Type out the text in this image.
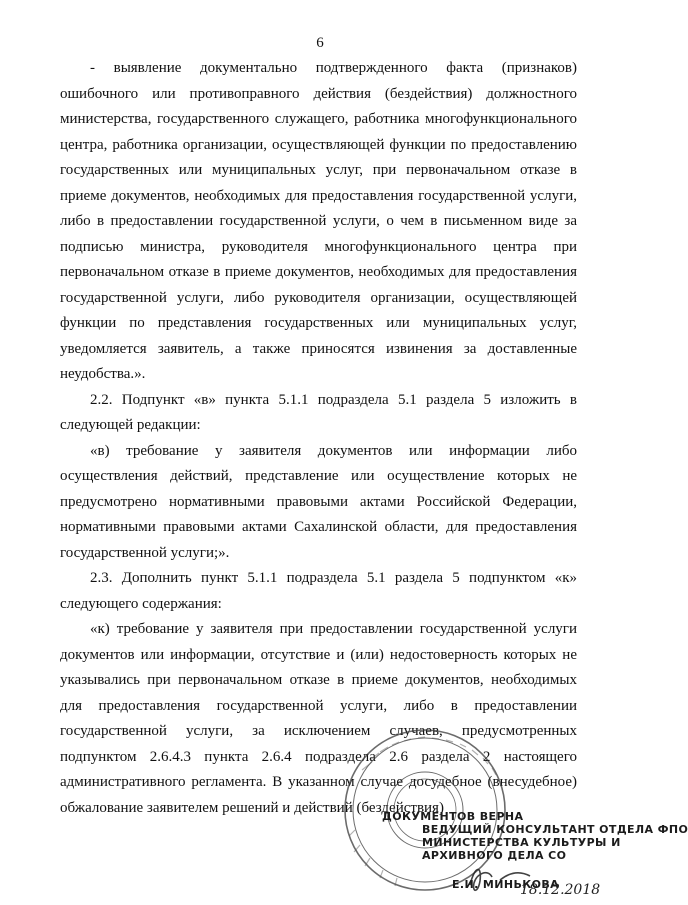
6

- выявление документально подтвержденного факта (признаков) ошибочного или противоправного действия (бездействия) должностного министерства, государственного служащего, работника многофункционального центра, работника организации, осуществляющей функции по предоставлению государственных или муниципальных услуг, при первоначальном отказе в приеме документов, необходимых для предоставления государственной услуги, либо в предоставлении государственной услуги, о чем в письменном виде за подписью министра, руководителя многофункционального центра при первоначальном отказе в приеме документов, необходимых для предоставления государственной услуги, либо руководителя организации, осуществляющей функции по представления государственных или муниципальных услуг, уведомляется заявитель, а также приносятся извинения за доставленные неудобства.».

2.2. Подпункт «в» пункта 5.1.1 подраздела 5.1 раздела 5 изложить в следующей редакции:

«в) требование у заявителя документов или информации либо осуществления действий, представление или осуществление которых не предусмотрено нормативными правовыми актами Российской Федерации, нормативными правовыми актами Сахалинской области, для предоставления государственной услуги;».

2.3. Дополнить пункт 5.1.1 подраздела 5.1 раздела 5 подпунктом «к» следующего содержания:

«к) требование у заявителя при предоставлении государственной услуги документов или информации, отсутствие и (или) недостоверность которых не указывались при первоначальном отказе в приеме документов, необходимых для предоставления государственной услуги, либо в предоставлении государственной услуги, за исключением случаев, предусмотренных подпунктом 2.6.4.3 пункта 2.6.4 подраздела 2.6 раздела 2 настоящего административного регламента. В указанном случае досудебное (внесудебное) обжалование заявителем решений и действий (бездействия)

ДОКУМЕНТОВ ВЕРНА
ВЕДУЩИЙ КОНСУЛЬТАНТ ОТДЕЛА ФПО
МИНИСТЕРСТВА КУЛЬТУРЫ И
АРХИВНОГО ДЕЛА СО
Е.И. МИНЬКОВА
18.12.2018
